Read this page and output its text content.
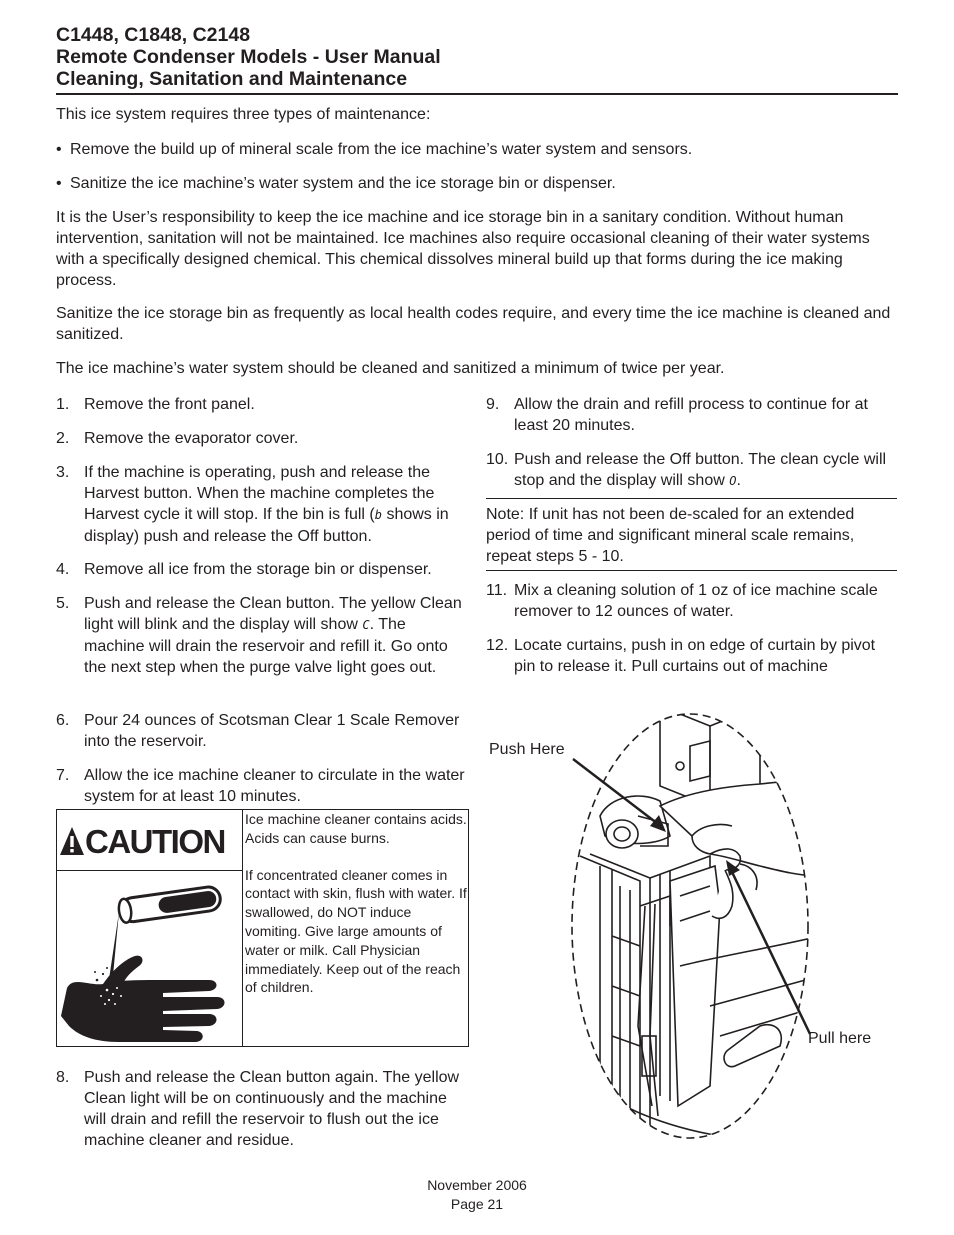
C1448, C1848, C2148
Remote Condenser Models - User Manual
Cleaning, Sanitation and Maintenance

This ice system requires three types of maintenance:

• Remove the build up of mineral scale from the ice machine’s water system and sensors.
• Sanitize the ice machine’s water system and the ice storage bin or dispenser.

It is the User’s responsibility to keep the ice machine and ice storage bin in a sanitary condition. Without human intervention, sanitation will not be maintained. Ice machines also require occasional cleaning of their water systems with a specifically designed chemical. This chemical dissolves mineral build up that forms during the ice making process.

Sanitize the ice storage bin as frequently as local health codes require, and every time the ice machine is cleaned and sanitized.

The ice machine’s water system should be cleaned and sanitized a minimum of twice per year.

1. Remove the front panel.
2. Remove the evaporator cover.
3. If the machine is operating, push and release the Harvest button. When the machine completes the Harvest cycle it will stop. If the bin is full (b shows in display) push and release the Off button.
4. Remove all ice from the storage bin or dispenser.
5. Push and release the Clean button. The yellow Clean light will blink and the display will show C. The machine will drain the reservoir and refill it. Go onto the next step when the purge valve light goes out.
6. Pour 24 ounces of Scotsman Clear 1 Scale Remover into the reservoir.
7. Allow the ice machine cleaner to circulate in the water system for at least 10 minutes.
CAUTION
Ice machine cleaner contains acids. Acids can cause burns.
If concentrated cleaner comes in contact with skin, flush with water. If swallowed, do NOT induce vomiting. Give large amounts of water or milk. Call Physician immediately. Keep out of the reach of children.
8. Push and release the Clean button again. The yellow Clean light will be on continuously and the machine will drain and refill the reservoir to flush out the ice machine cleaner and residue.
9. Allow the drain and refill process to continue for at least 20 minutes.
10. Push and release the Off button. The clean cycle will stop and the display will show O.
Note: If unit has not been de-scaled for an extended period of time and significant mineral scale remains, repeat steps 5 - 10.
11. Mix a cleaning solution of 1 oz of ice machine scale remover to 12 ounces of water.
12. Locate curtains, push in on edge of curtain by pivot pin to release it. Pull curtains out of machine
Push Here
Pull here
November 2006
Page 21
